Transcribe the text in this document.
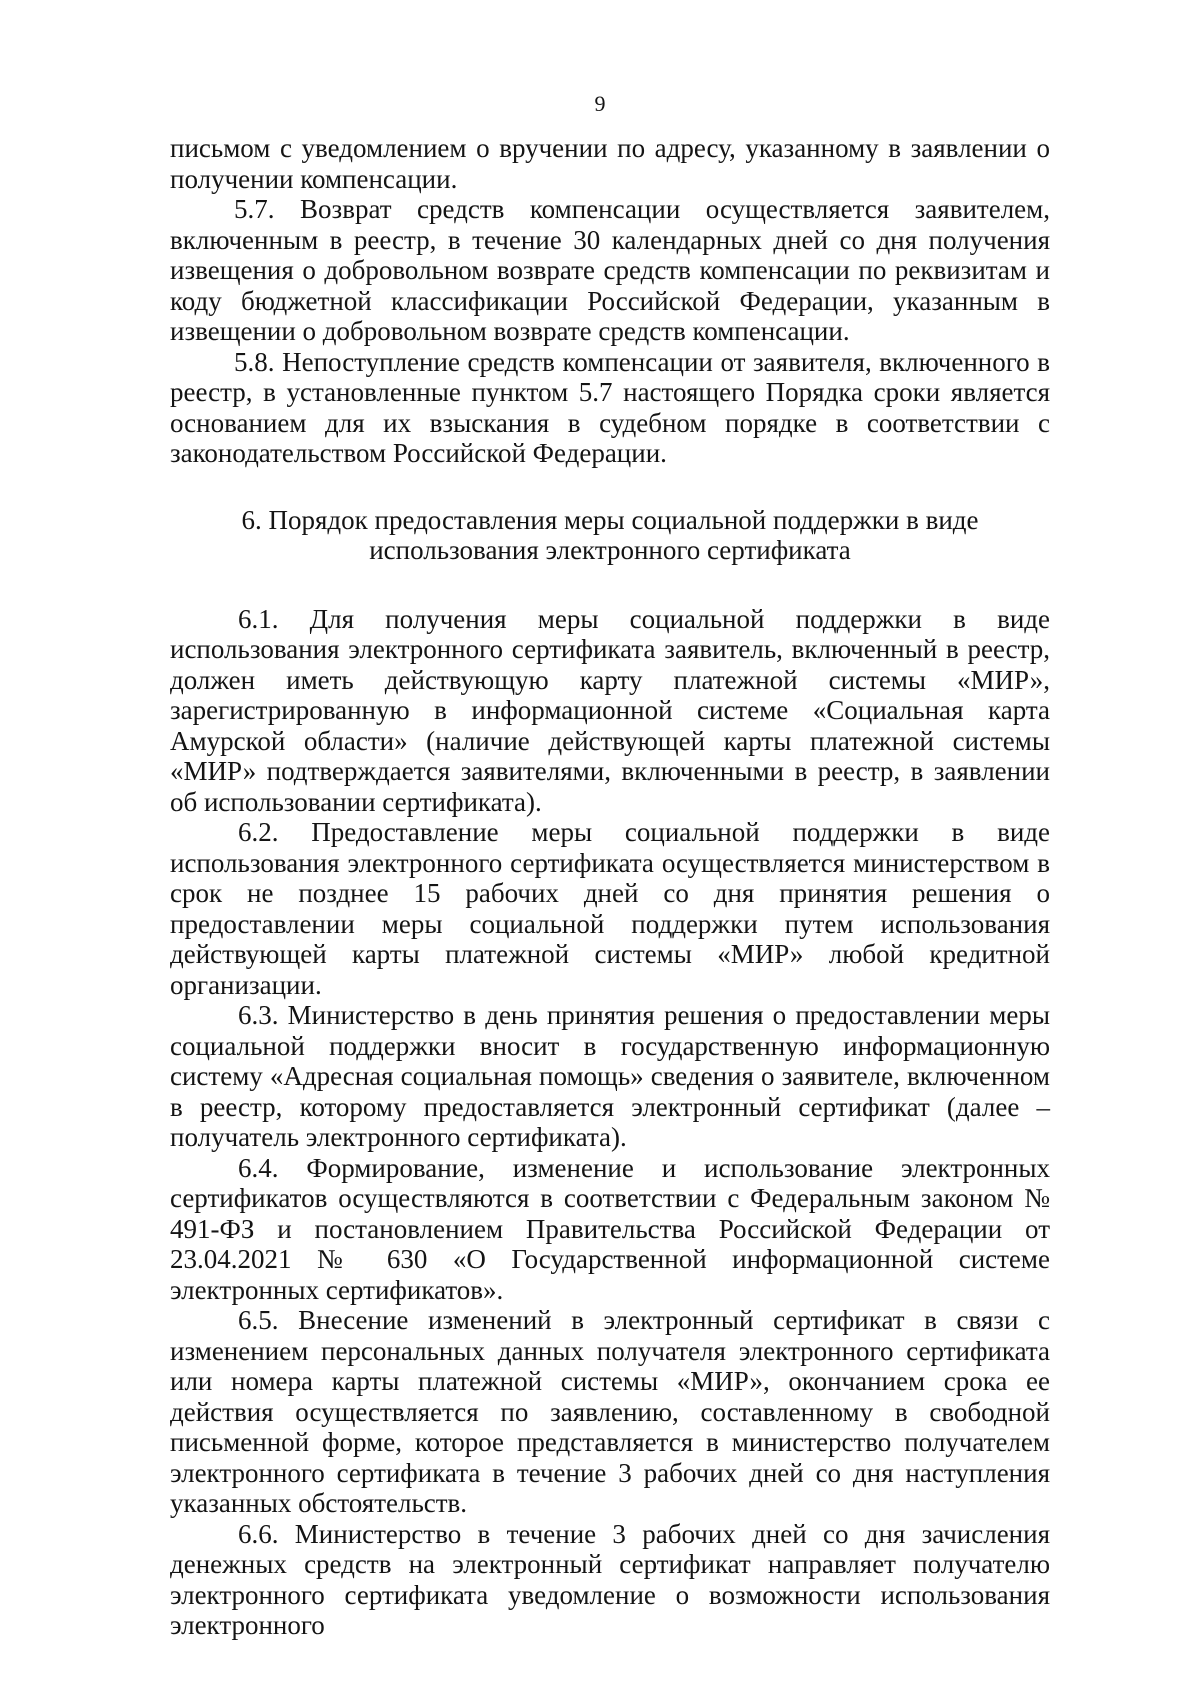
9

письмом с уведомлением о вручении по адресу, указанному в заявлении о получении компенсации.

5.7. Возврат средств компенсации осуществляется заявителем, включенным в реестр, в течение 30 календарных дней со дня получения извещения о добровольном возврате средств компенсации по реквизитам и коду бюджетной классификации Российской Федерации, указанным в извещении о добровольном возврате средств компенсации.

5.8. Непоступление средств компенсации от заявителя, включенного в реестр, в установленные пунктом 5.7 настоящего Порядка сроки является основанием для их взыскания в судебном порядке в соответствии с законодательством Российской Федерации.

6. Порядок предоставления меры социальной поддержки в виде использования электронного сертификата

6.1. Для получения меры социальной поддержки в виде использования электронного сертификата заявитель, включенный в реестр, должен иметь действующую карту платежной системы «МИР», зарегистрированную в информационной системе «Социальная карта Амурской области» (наличие действующей карты платежной системы «МИР» подтверждается заявителями, включенными в реестр, в заявлении об использовании сертификата).

6.2. Предоставление меры социальной поддержки в виде использования электронного сертификата осуществляется министерством в срок не позднее 15 рабочих дней со дня принятия решения о предоставлении меры социальной поддержки путем использования действующей карты платежной системы «МИР» любой кредитной организации.

6.3. Министерство в день принятия решения о предоставлении меры социальной поддержки вносит в государственную информационную систему «Адресная социальная помощь» сведения о заявителе, включенном в реестр, которому предоставляется электронный сертификат (далее – получатель электронного сертификата).

6.4. Формирование, изменение и использование электронных сертификатов осуществляются в соответствии с Федеральным законом № 491-ФЗ и постановлением Правительства Российской Федерации от 23.04.2021 № 630 «О Государственной информационной системе электронных сертификатов».

6.5. Внесение изменений в электронный сертификат в связи с изменением персональных данных получателя электронного сертификата или номера карты платежной системы «МИР», окончанием срока ее действия осуществляется по заявлению, составленному в свободной письменной форме, которое представляется в министерство получателем электронного сертификата в течение 3 рабочих дней со дня наступления указанных обстоятельств.

6.6. Министерство в течение 3 рабочих дней со дня зачисления денежных средств на электронный сертификат направляет получателю электронного сертификата уведомление о возможности использования электронного
